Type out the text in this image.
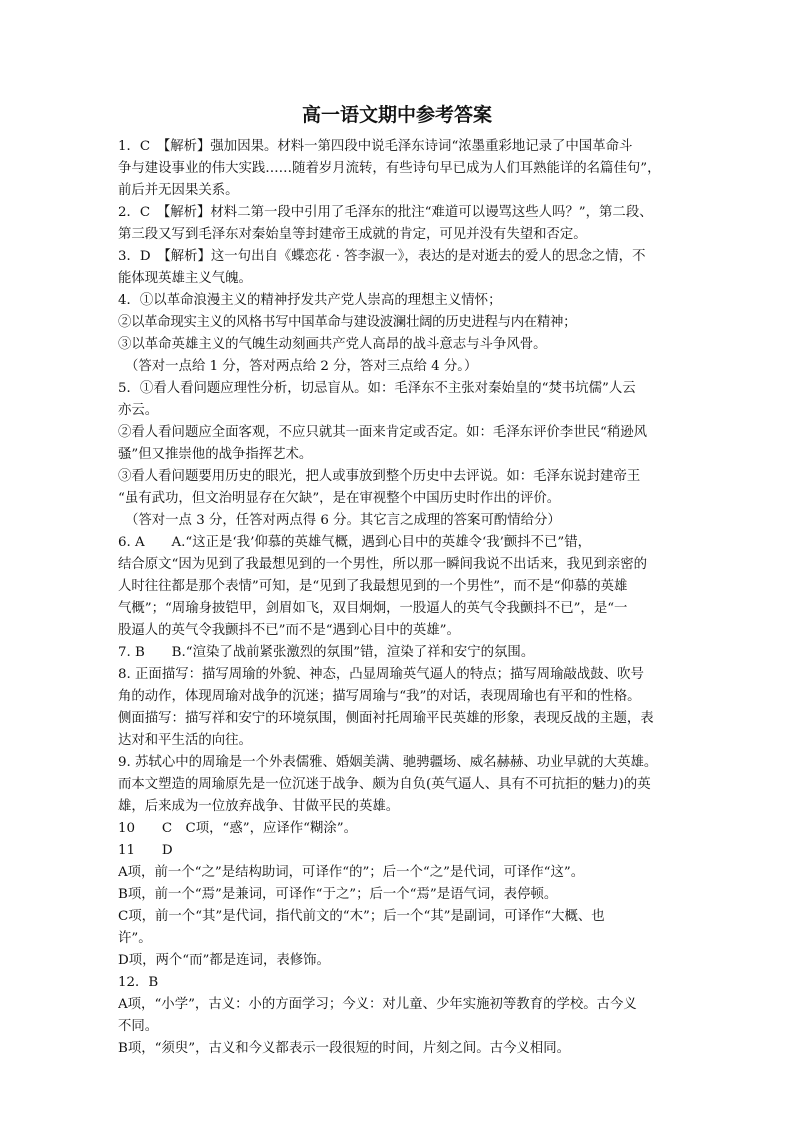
高一语文期中参考答案

1．C　【解析】强加因果。材料一第四段中说毛泽东诗词“浓墨重彩地记录了中国革命斗

争与建设事业的伟大实践……随着岁月流转，有些诗句早已成为人们耳熟能详的名篇佳句”，

前后并无因果关系。

2．C　【解析】材料二第一段中引用了毛泽东的批注“难道可以谩骂这些人吗？”，第二段、

第三段又写到毛泽东对秦始皇等封建帝王成就的肯定，可见并没有失望和否定。

3．D　【解析】这一句出自《蝶恋花 · 答李淑一》，表达的是对逝去的爱人的思念之情，不

能体现英雄主义气魄。

4．①以革命浪漫主义的精神抒发共产党人崇高的理想主义情怀；

②以革命现实主义的风格书写中国革命与建设波澜壮阔的历史进程与内在精神；

③以革命英雄主义的气魄生动刻画共产党人高昂的战斗意志与斗争风骨。

（答对一点给 1 分，答对两点给 2 分，答对三点给 4 分。）

5．①看人看问题应理性分析，切忌盲从。如：毛泽东不主张对秦始皇的“焚书坑儒”人云

亦云。

②看人看问题应全面客观，不应只就其一面来肯定或否定。如：毛泽东评价李世民“稍逊风

骚”但又推崇他的战争指挥艺术。

③看人看问题要用历史的眼光，把人或事放到整个历史中去评说。如：毛泽东说封建帝王

“虽有武功，但文治明显存在欠缺”，是在审视整个中国历史时作出的评价。

（答对一点 3 分，任答对两点得 6 分。其它言之成理的答案可酌情给分）

6. A　　A.“这正是‘我’仰慕的英雄气概，遇到心目中的英雄令‘我’颤抖不已”错，

结合原文“因为见到了我最想见到的一个男性，所以那一瞬间我说不出话来，我见到亲密的

人时往往都是那个表情”可知，是“见到了我最想见到的一个男性”，而不是“仰慕的英雄

气概”；“周瑜身披铠甲，剑眉如飞，双目炯炯，一股逼人的英气令我颤抖不已”，是“一

股逼人的英气令我颤抖不已”而不是“遇到心目中的英雄”。

7. B　　B.“渲染了战前紧张激烈的氛围”错，渲染了祥和安宁的氛围。

8. 正面描写：描写周瑜的外貌、神态，凸显周瑜英气逼人的特点；描写周瑜敲战鼓、吹号

角的动作，体现周瑜对战争的沉迷；描写周瑜与“我”的对话，表现周瑜也有平和的性格。

侧面描写：描写祥和安宁的环境氛围，侧面衬托周瑜平民英雄的形象，表现反战的主题，表

达对和平生活的向往。

9. 苏轼心中的周瑜是一个外表儒雅、婚姻美满、驰骋疆场、威名赫赫、功业早就的大英雄。

而本文塑造的周瑜原先是一位沉迷于战争、颇为自负(英气逼人、具有不可抗拒的魅力)的英

雄，后来成为一位放弃战争、甘做平民的英雄。

10　　C　C项，“惑”，应译作“糊涂”。

11　　D

A项，前一个“之”是结构助词，可译作“的”；后一个“之”是代词，可译作“这”。

B项，前一个“焉”是兼词，可译作“于之”；后一个“焉”是语气词，表停顿。

C项，前一个“其”是代词，指代前文的“木”；后一个“其”是副词，可译作“大概、也

许”。

D项，两个“而”都是连词，表修饰。

12．B

A项，“小学”，古义：小的方面学习；今义：对儿童、少年实施初等教育的学校。古今义

不同。

B项，“须臾”，古义和今义都表示一段很短的时间，片刻之间。古今义相同。
